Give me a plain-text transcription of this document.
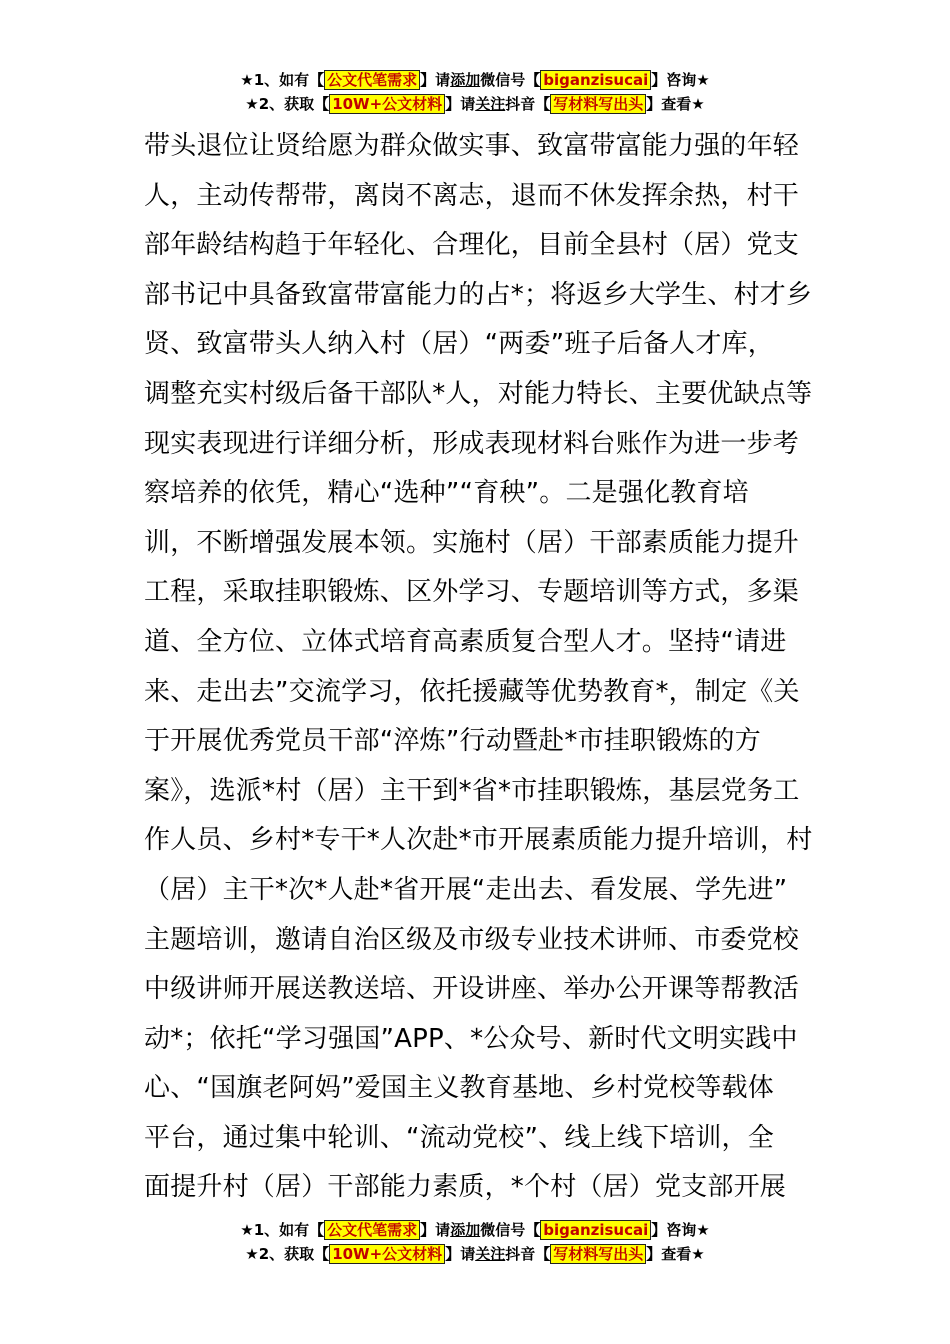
★1、如有【 公文代笔需求 】请添加微信号【 biganzisucai 】咨询★
★2、获取【 10W+公文材料 】请关注抖音【 写材料写出头 】查看★
带头退位让贤给愿为群众做实事、致富带富能力强的年轻
人，主动传帮带，离岗不离志，退而不休发挥余热，村干
部年龄结构趋于年轻化、合理化，目前全县村（居）党支
部书记中具备致富带富能力的占*；将返乡大学生、村才乡
贤、致富带头人纳入村（居）“两委”班子后备人才库，
调整充实村级后备干部队*人，对能力特长、主要优缺点等
现实表现进行详细分析，形成表现材料台账作为进一步考
察培养的依凭，精心“选种”“育秧”。二是强化教育培
训，不断增强发展本领。实施村（居）干部素质能力提升
工程，采取挂职锻炼、区外学习、专题培训等方式，多渠
道、全方位、立体式培育高素质复合型人才。坚持“请进
来、走出去”交流学习，依托援藏等优势教育*，制定《关
于开展优秀党员干部“淬炼”行动暨赴*市挂职锻炼的方
案》，选派*村（居）主干到*省*市挂职锻炼，基层党务工
作人员、乡村*专干*人次赴*市开展素质能力提升培训，村
（居）主干*次*人赴*省开展“走出去、看发展、学先进”
主题培训，邀请自治区级及市级专业技术讲师、市委党校
中级讲师开展送教送培、开设讲座、举办公开课等帮教活
动*；依托“学习强国”APP、*公众号、新时代文明实践中
心、“国旗老阿妈”爱国主义教育基地、乡村党校等载体
平台，通过集中轮训、“流动党校”、线上线下培训，全
面提升村（居）干部能力素质，*个村（居）党支部开展
★1、如有【 公文代笔需求 】请添加微信号【 biganzisucai 】咨询★
★2、获取【 10W+公文材料 】请关注抖音【 写材料写出头 】查看★
